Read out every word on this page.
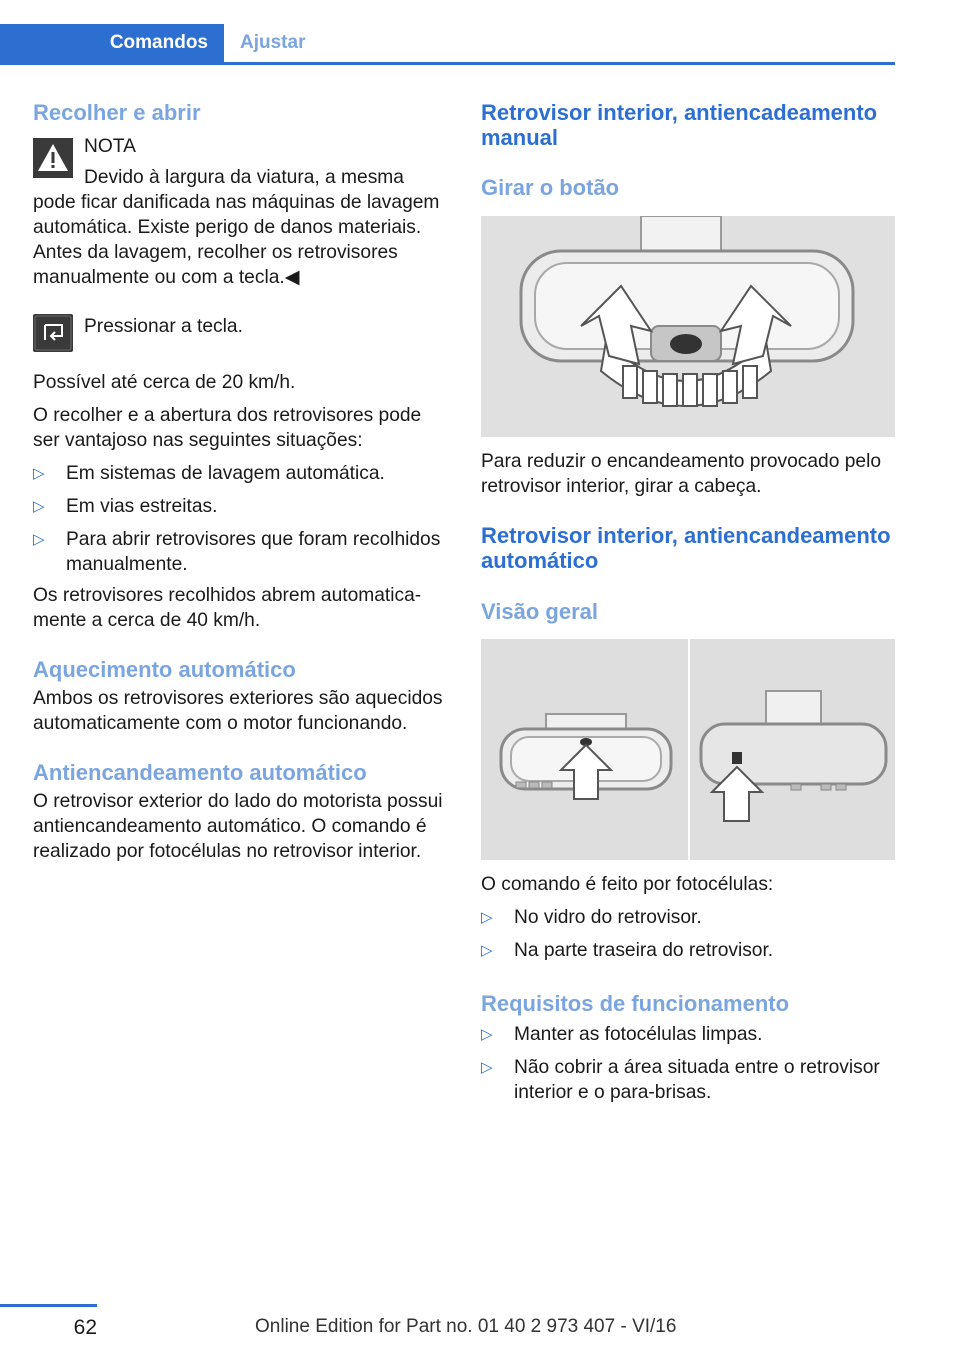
Comandos	Ajustar
Recolher e abrir
NOTA
Devido à largura da viatura, a mesma pode ficar danificada nas máquinas de lavagem automática. Existe perigo de danos materiais. Antes da lavagem, recolher os retrovisores manualmente ou com a tecla.◀
Pressionar a tecla.
Possível até cerca de 20 km/h.
O recolher e a abertura dos retrovisores pode ser vantajoso nas seguintes situações:
▷ Em sistemas de lavagem automática.
▷ Em vias estreitas.
▷ Para abrir retrovisores que foram recolhidos manualmente.
Os retrovisores recolhidos abrem automaticamente a cerca de 40 km/h.
Aquecimento automático
Ambos os retrovisores exteriores são aquecidos automaticamente com o motor funcionando.
Antiencandeamento automático
O retrovisor exterior do lado do motorista possui antiencandeamento automático. O comando é realizado por fotocélulas no retrovisor interior.
Retrovisor interior, antiencadeamento manual
Girar o botão
Para reduzir o encandeamento provocado pelo retrovisor interior, girar a cabeça.
Retrovisor interior, antiencandeamento automático
Visão geral
O comando é feito por fotocélulas:
▷ No vidro do retrovisor.
▷ Na parte traseira do retrovisor.
Requisitos de funcionamento
▷ Manter as fotocélulas limpas.
▷ Não cobrir a área situada entre o retrovisor interior e o para-brisas.
62	Online Edition for Part no. 01 40 2 973 407 - VI/16
